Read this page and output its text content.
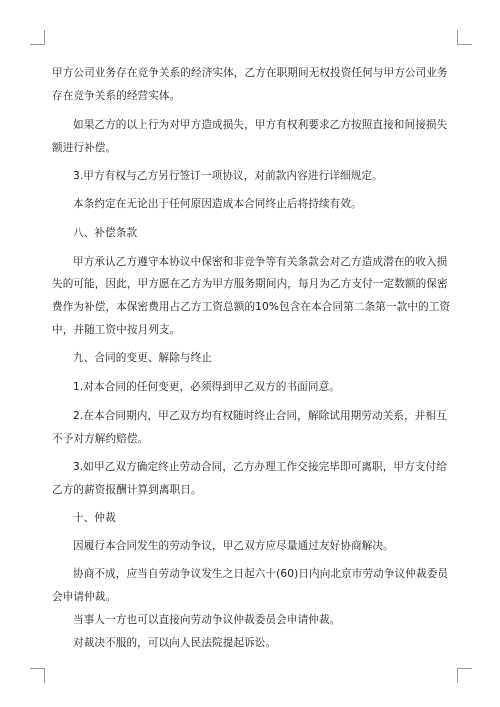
甲方公司业务存在竞争关系的经济实体，乙方在职期间无权投资任何与甲方公司业务
存在竞争关系的经营实体。
如果乙方的以上行为对甲方造成损失，甲方有权利要求乙方按照直接和间接损失
额进行补偿。
3.甲方有权与乙方另行签订一项协议，对前款内容进行详细规定。
本条约定在无论出于任何原因造成本合同终止后将持续有效。
八、补偿条款
甲方承认乙方遵守本协议中保密和非竞争等有关条款会对乙方造成潜在的收入损
失的可能，因此，甲方愿在乙方为甲方服务期间内，每月为乙方支付一定数额的保密
费作为补偿，本保密费用占乙方工资总额的10%包含在本合同第二条第一款中的工资
中，并随工资中按月列支。
九、合同的变更、解除与终止
1.对本合同的任何变更，必须得到甲乙双方的书面同意。
2.在本合同期内，甲乙双方均有权随时终止合同，解除试用期劳动关系，并相互
不予对方解约赔偿。
3.如甲乙双方确定终止劳动合同，乙方办理工作交接完毕即可离职，甲方支付给
乙方的薪资报酬计算到离职日。
十、仲裁
因履行本合同发生的劳动争议，甲乙双方应尽量通过友好协商解决。
协商不成，应当自劳动争议发生之日起六十(60)日内向北京市劳动争议仲裁委员
会申请仲裁。
当事人一方也可以直接向劳动争议仲裁委员会申请仲裁。
对裁决不服的，可以向人民法院提起诉讼。
